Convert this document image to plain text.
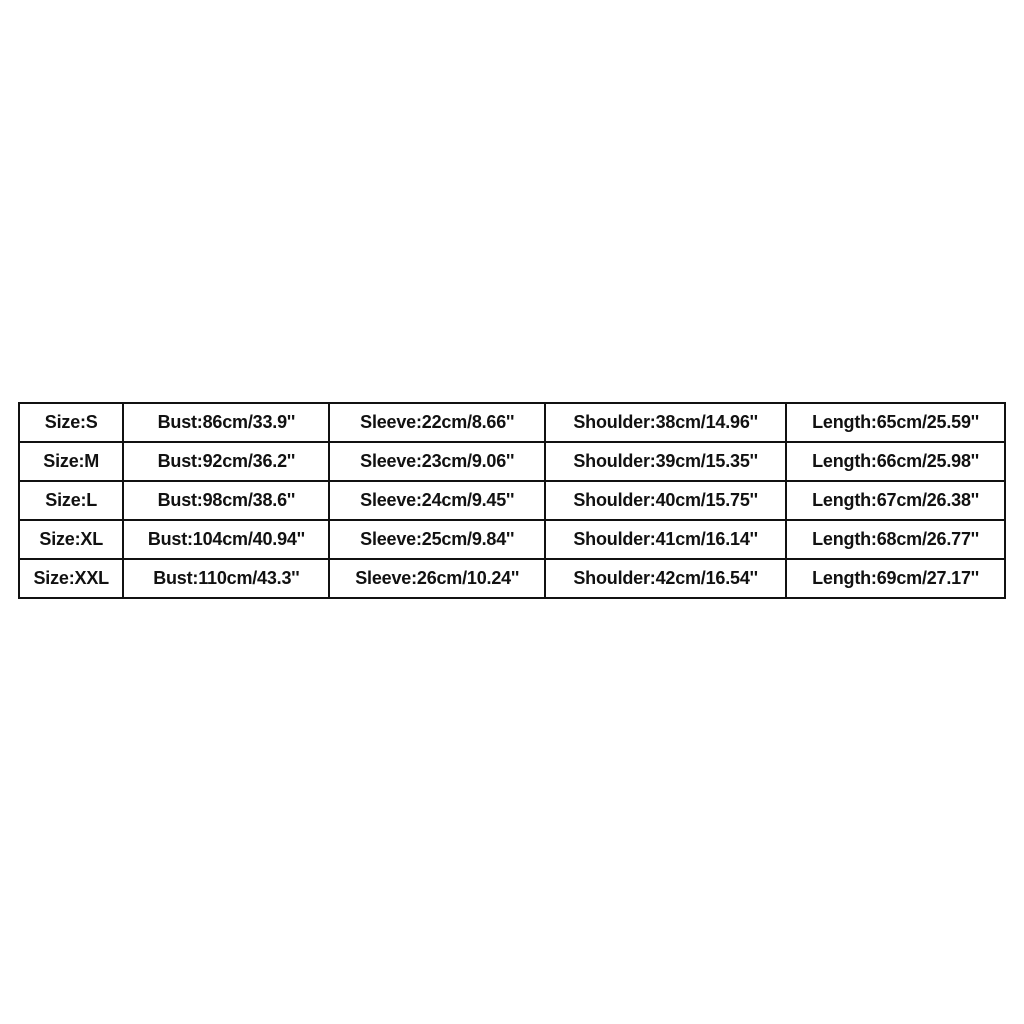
Size:S	Bust:86cm/33.9''	Sleeve:22cm/8.66''	Shoulder:38cm/14.96''	Length:65cm/25.59''
Size:M	Bust:92cm/36.2''	Sleeve:23cm/9.06''	Shoulder:39cm/15.35''	Length:66cm/25.98''
Size:L	Bust:98cm/38.6''	Sleeve:24cm/9.45''	Shoulder:40cm/15.75''	Length:67cm/26.38''
Size:XL	Bust:104cm/40.94''	Sleeve:25cm/9.84''	Shoulder:41cm/16.14''	Length:68cm/26.77''
Size:XXL	Bust:110cm/43.3''	Sleeve:26cm/10.24''	Shoulder:42cm/16.54''	Length:69cm/27.17''
